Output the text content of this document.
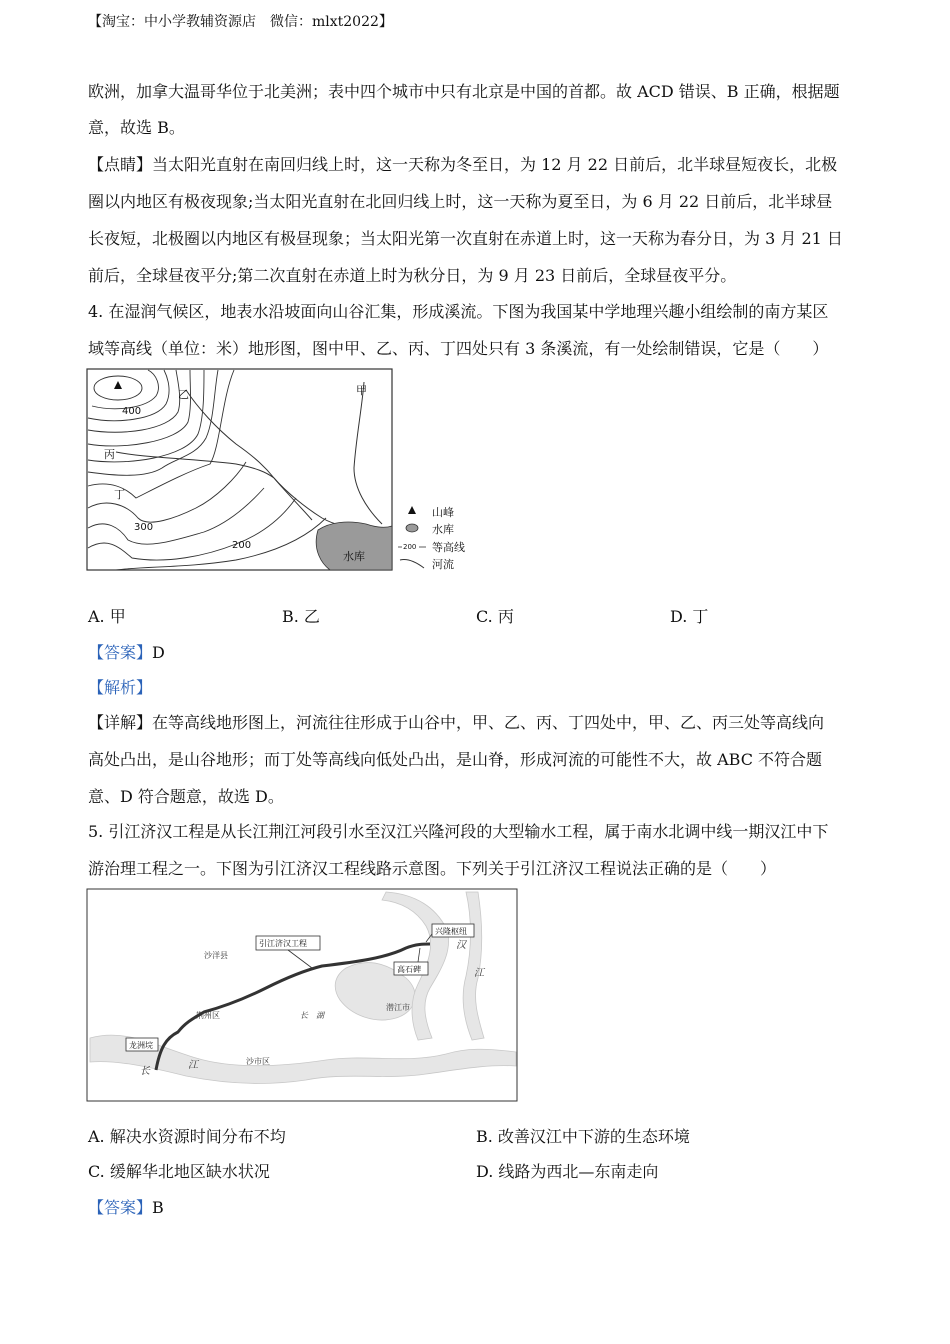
【淘宝：中小学教辅资源店　微信：mlxt2022】
欧洲，加拿大温哥华位于北美洲；表中四个城市中只有北京是中国的首都。故 ACD 错误、B 正确，根据题
意，故选 B。
【点睛】当太阳光直射在南回归线上时，这一天称为冬至日，为 12 月 22 日前后，北半球昼短夜长，北极
圈以内地区有极夜现象;当太阳光直射在北回归线上时，这一天称为夏至日，为 6 月 22 日前后，北半球昼
长夜短，北极圈以内地区有极昼现象；当太阳光第一次直射在赤道上时，这一天称为春分日，为 3 月 21 日
前后，全球昼夜平分;第二次直射在赤道上时为秋分日，为 9 月 23 日前后，全球昼夜平分。
4. 在湿润气候区，地表水沿坡面向山谷汇集，形成溪流。下图为我国某中学地理兴趣小组绘制的南方某区
域等高线（单位：米）地形图，图中甲、乙、丙、丁四处只有 3 条溪流，有一处绘制错误，它是（　　）
水库
400
300
200
甲
乙
丙
丁
山峰
水库
200 等高线
河流
A. 甲	B. 乙	C. 丙	D. 丁
【答案】D
【解析】
【详解】在等高线地形图上，河流往往形成于山谷中，甲、乙、丙、丁四处中，甲、乙、丙三处等高线向
高处凸出，是山谷地形；而丁处等高线向低处凸出，是山脊，形成河流的可能性不大，故 ABC 不符合题
意、D 符合题意，故选 D。
5. 引江济汉工程是从长江荆江河段引水至汉江兴隆河段的大型输水工程，属于南水北调中线一期汉江中下
游治理工程之一。下图为引江济汉工程线路示意图。下列关于引江济汉工程说法正确的是（　　）
沙洋县
荆州区
沙市区
潜江市
长　湖
汉
江
长
江
引江济汉工程
兴隆枢纽
高石碑
龙洲垸
A. 解决水资源时间分布不均	B. 改善汉江中下游的生态环境
C. 缓解华北地区缺水状况	D. 线路为西北—东南走向
【答案】B
